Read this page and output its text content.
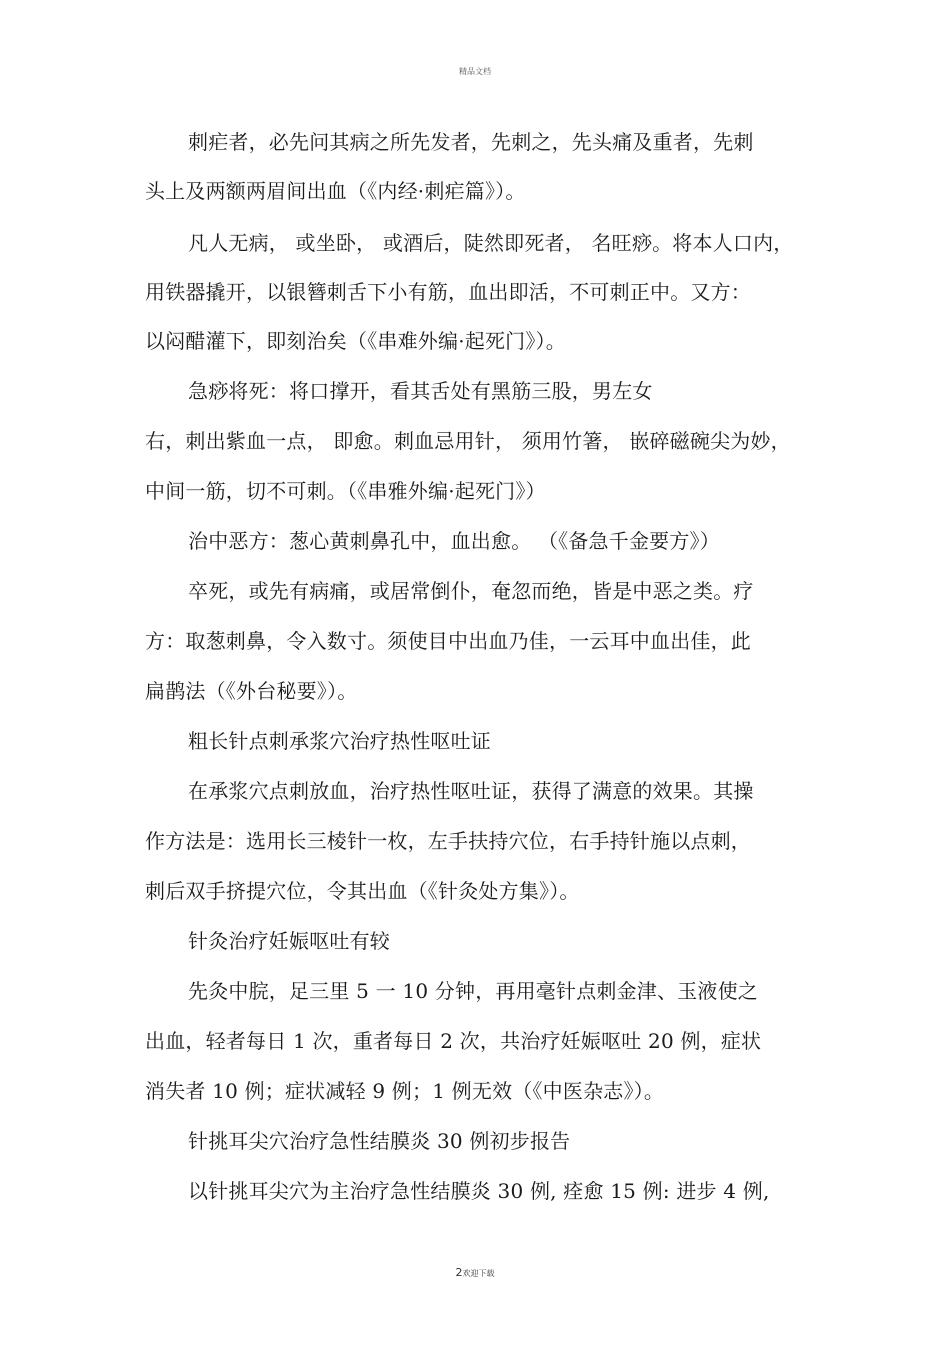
精品文档
刺疟者，必先问其病之所先发者，先刺之，先头痛及重者，先刺
头上及两额两眉间出血（《内经·刺疟篇》）。
凡人无病， 或坐卧， 或酒后，陡然即死者， 名旺痧。将本人口内，
用铁器撬开，以银簪刺舌下小有筋，血出即活，不可刺正中。又方：
以闷醋灌下，即刻治矣（《串难外编·起死门》）。
急痧将死：将口撑开，看其舌处有黑筋三股，男左女
右，刺出紫血一点， 即愈。刺血忌用针， 须用竹箸， 嵌碎磁碗尖为妙，
中间一筋，切不可刺。（《串雅外编·起死门》）
治中恶方：葱心黄刺鼻孔中，血出愈。 （《备急千金要方》）
卒死，或先有病痛，或居常倒仆，奄忽而绝，皆是中恶之类。疗
方：取葱刺鼻，令入数寸。须使目中出血乃佳，一云耳中血出佳，此
扁鹊法（《外台秘要》）。
粗长针点刺承浆穴治疗热性呕吐证
在承浆穴点刺放血，治疗热性呕吐证，获得了满意的效果。其操
作方法是：选用长三棱针一枚，左手扶持穴位，右手持针施以点刺，
刺后双手挤提穴位，令其出血（《针灸处方集》）。
针灸治疗妊娠呕吐有较
先灸中脘，足三里 5 一 10 分钟，再用毫针点刺金津、玉液使之
出血，轻者每日 1 次，重者每日 2 次，共治疗妊娠呕吐 20 例，症状
消失者 10 例；症状减轻 9 例；1 例无效（《中医杂志》）。
针挑耳尖穴治疗急性结膜炎 30 例初步报告
以针挑耳尖穴为主治疗急性结膜炎 30 例, 痊愈 15 例: 进步 4 例,
2欢迎下载
